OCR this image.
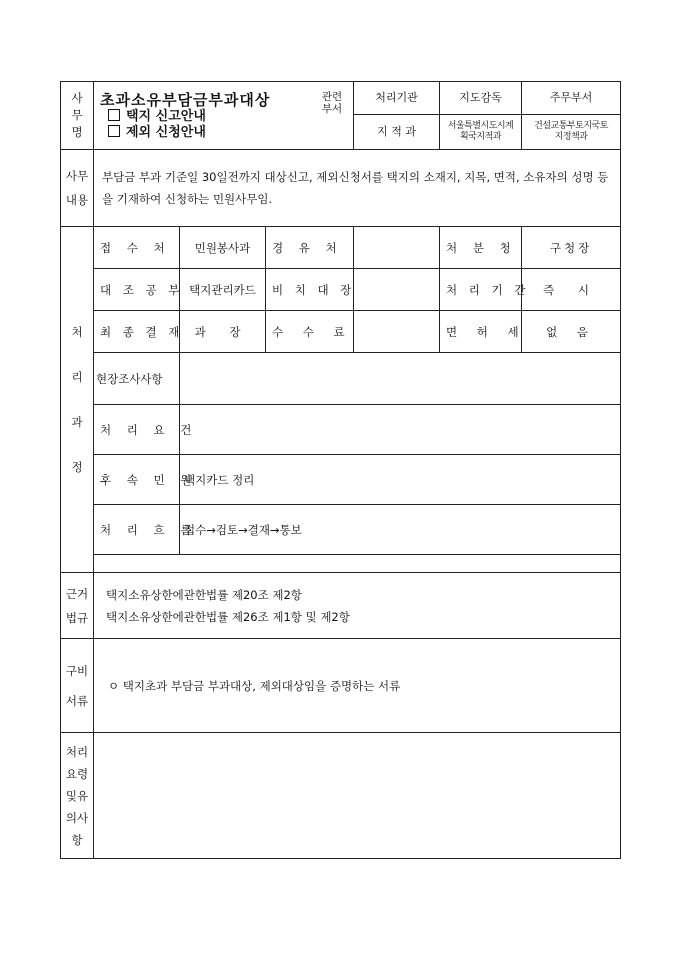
사무명	
초과소유부담금부과대상
택지 신고안내
제외 신청안내
	관련부서
	처리기관	지도감독	주무부서
지 적 과	서울특별시도시계획국지적과	건설교통부토지국토지정책과
사무내용	부담금 부과 기준일 30일전까지 대상신고, 제외신청서를 택지의 소재지, 지목, 면적, 소유자의 성명 등을 기재하여 신청하는 민원사무임.
처리과정	접 수 처	민원봉사과	경 유 처		처 분 청	구청장
대 조 공 부	택지관리카드	비 치 대 장		처 리 기 간	즉 시
최 종 결 재	과 장	수 수 료		면 허 세	없 음
현장조사사항	
처 리 요 건	
후 속 민 원	택지카드 정리
처 리 흐 름	접수→검토→결재→통보

근거법규	
택지소유상한에관한법률 제20조 제2항
택지소유상한에관한법률 제26조 제1항 및 제2항

구비서류	
ㅇ 택지초과 부담금 부과대상, 제외대상임을 증명하는 서류

처리요령및유의사항	
